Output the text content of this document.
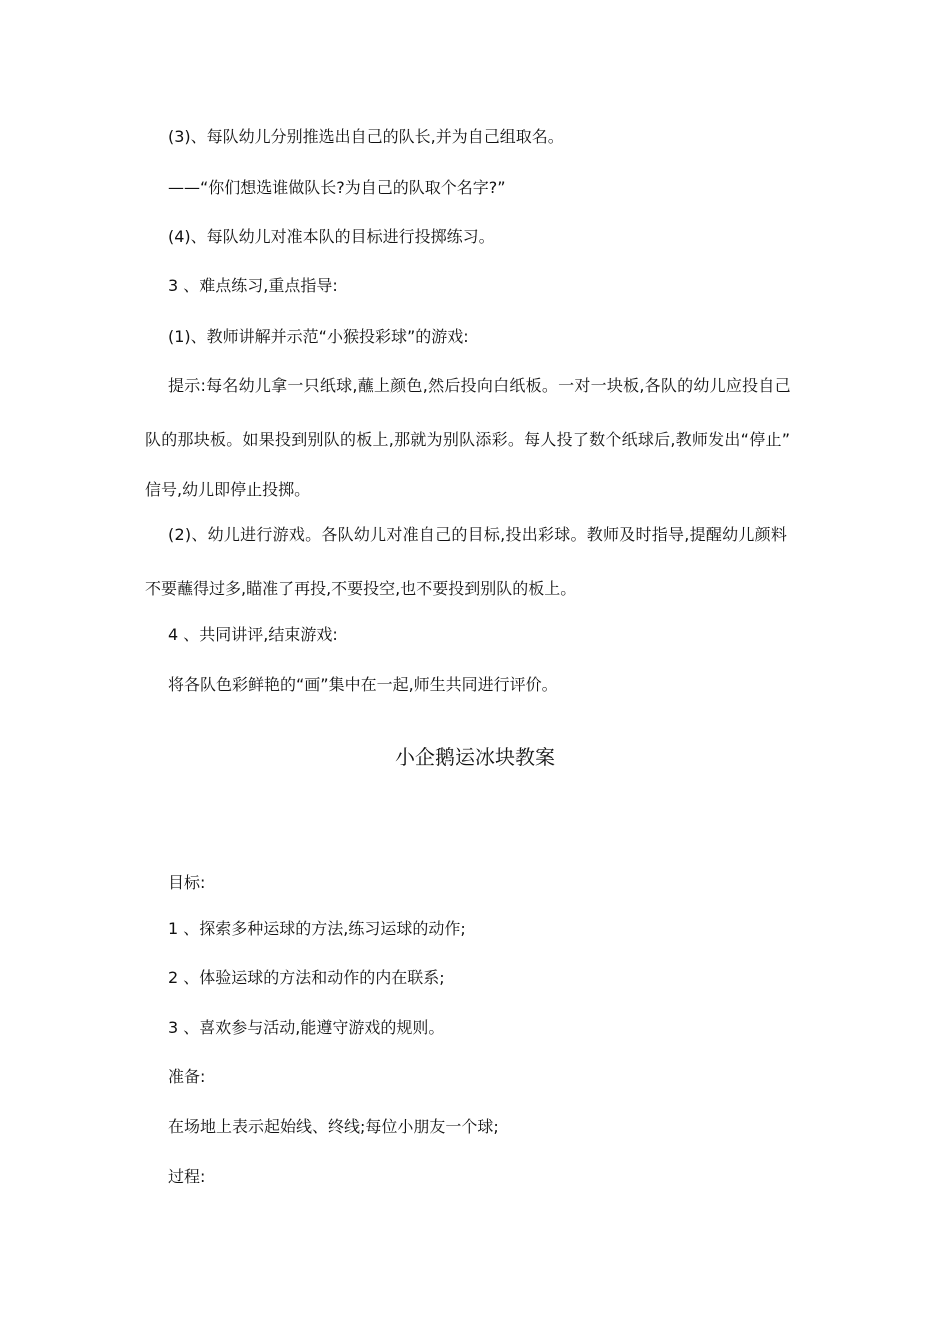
(3)、每队幼儿分别推选出自己的队长,并为自己组取名。
——“你们想选谁做队长?为自己的队取个名字?”
(4)、每队幼儿对准本队的目标进行投掷练习。
3 、难点练习,重点指导:
(1)、教师讲解并示范“小猴投彩球”的游戏:
提示:每名幼儿拿一只纸球,蘸上颜色,然后投向白纸板。一对一块板,各队的幼儿应投自己
队的那块板。如果投到别队的板上,那就为别队添彩。每人投了数个纸球后,教师发出“停止”
信号,幼儿即停止投掷。
(2)、幼儿进行游戏。各队幼儿对准自己的目标,投出彩球。教师及时指导,提醒幼儿颜料
不要蘸得过多,瞄准了再投,不要投空,也不要投到别队的板上。
4 、共同讲评,结束游戏:
将各队色彩鲜艳的“画”集中在一起,师生共同进行评价。
小企鹅运冰块教案
目标:
1 、探索多种运球的方法,练习运球的动作;
2 、体验运球的方法和动作的内在联系;
3 、喜欢参与活动,能遵守游戏的规则。
准备:
在场地上表示起始线、终线;每位小朋友一个球;
过程:
